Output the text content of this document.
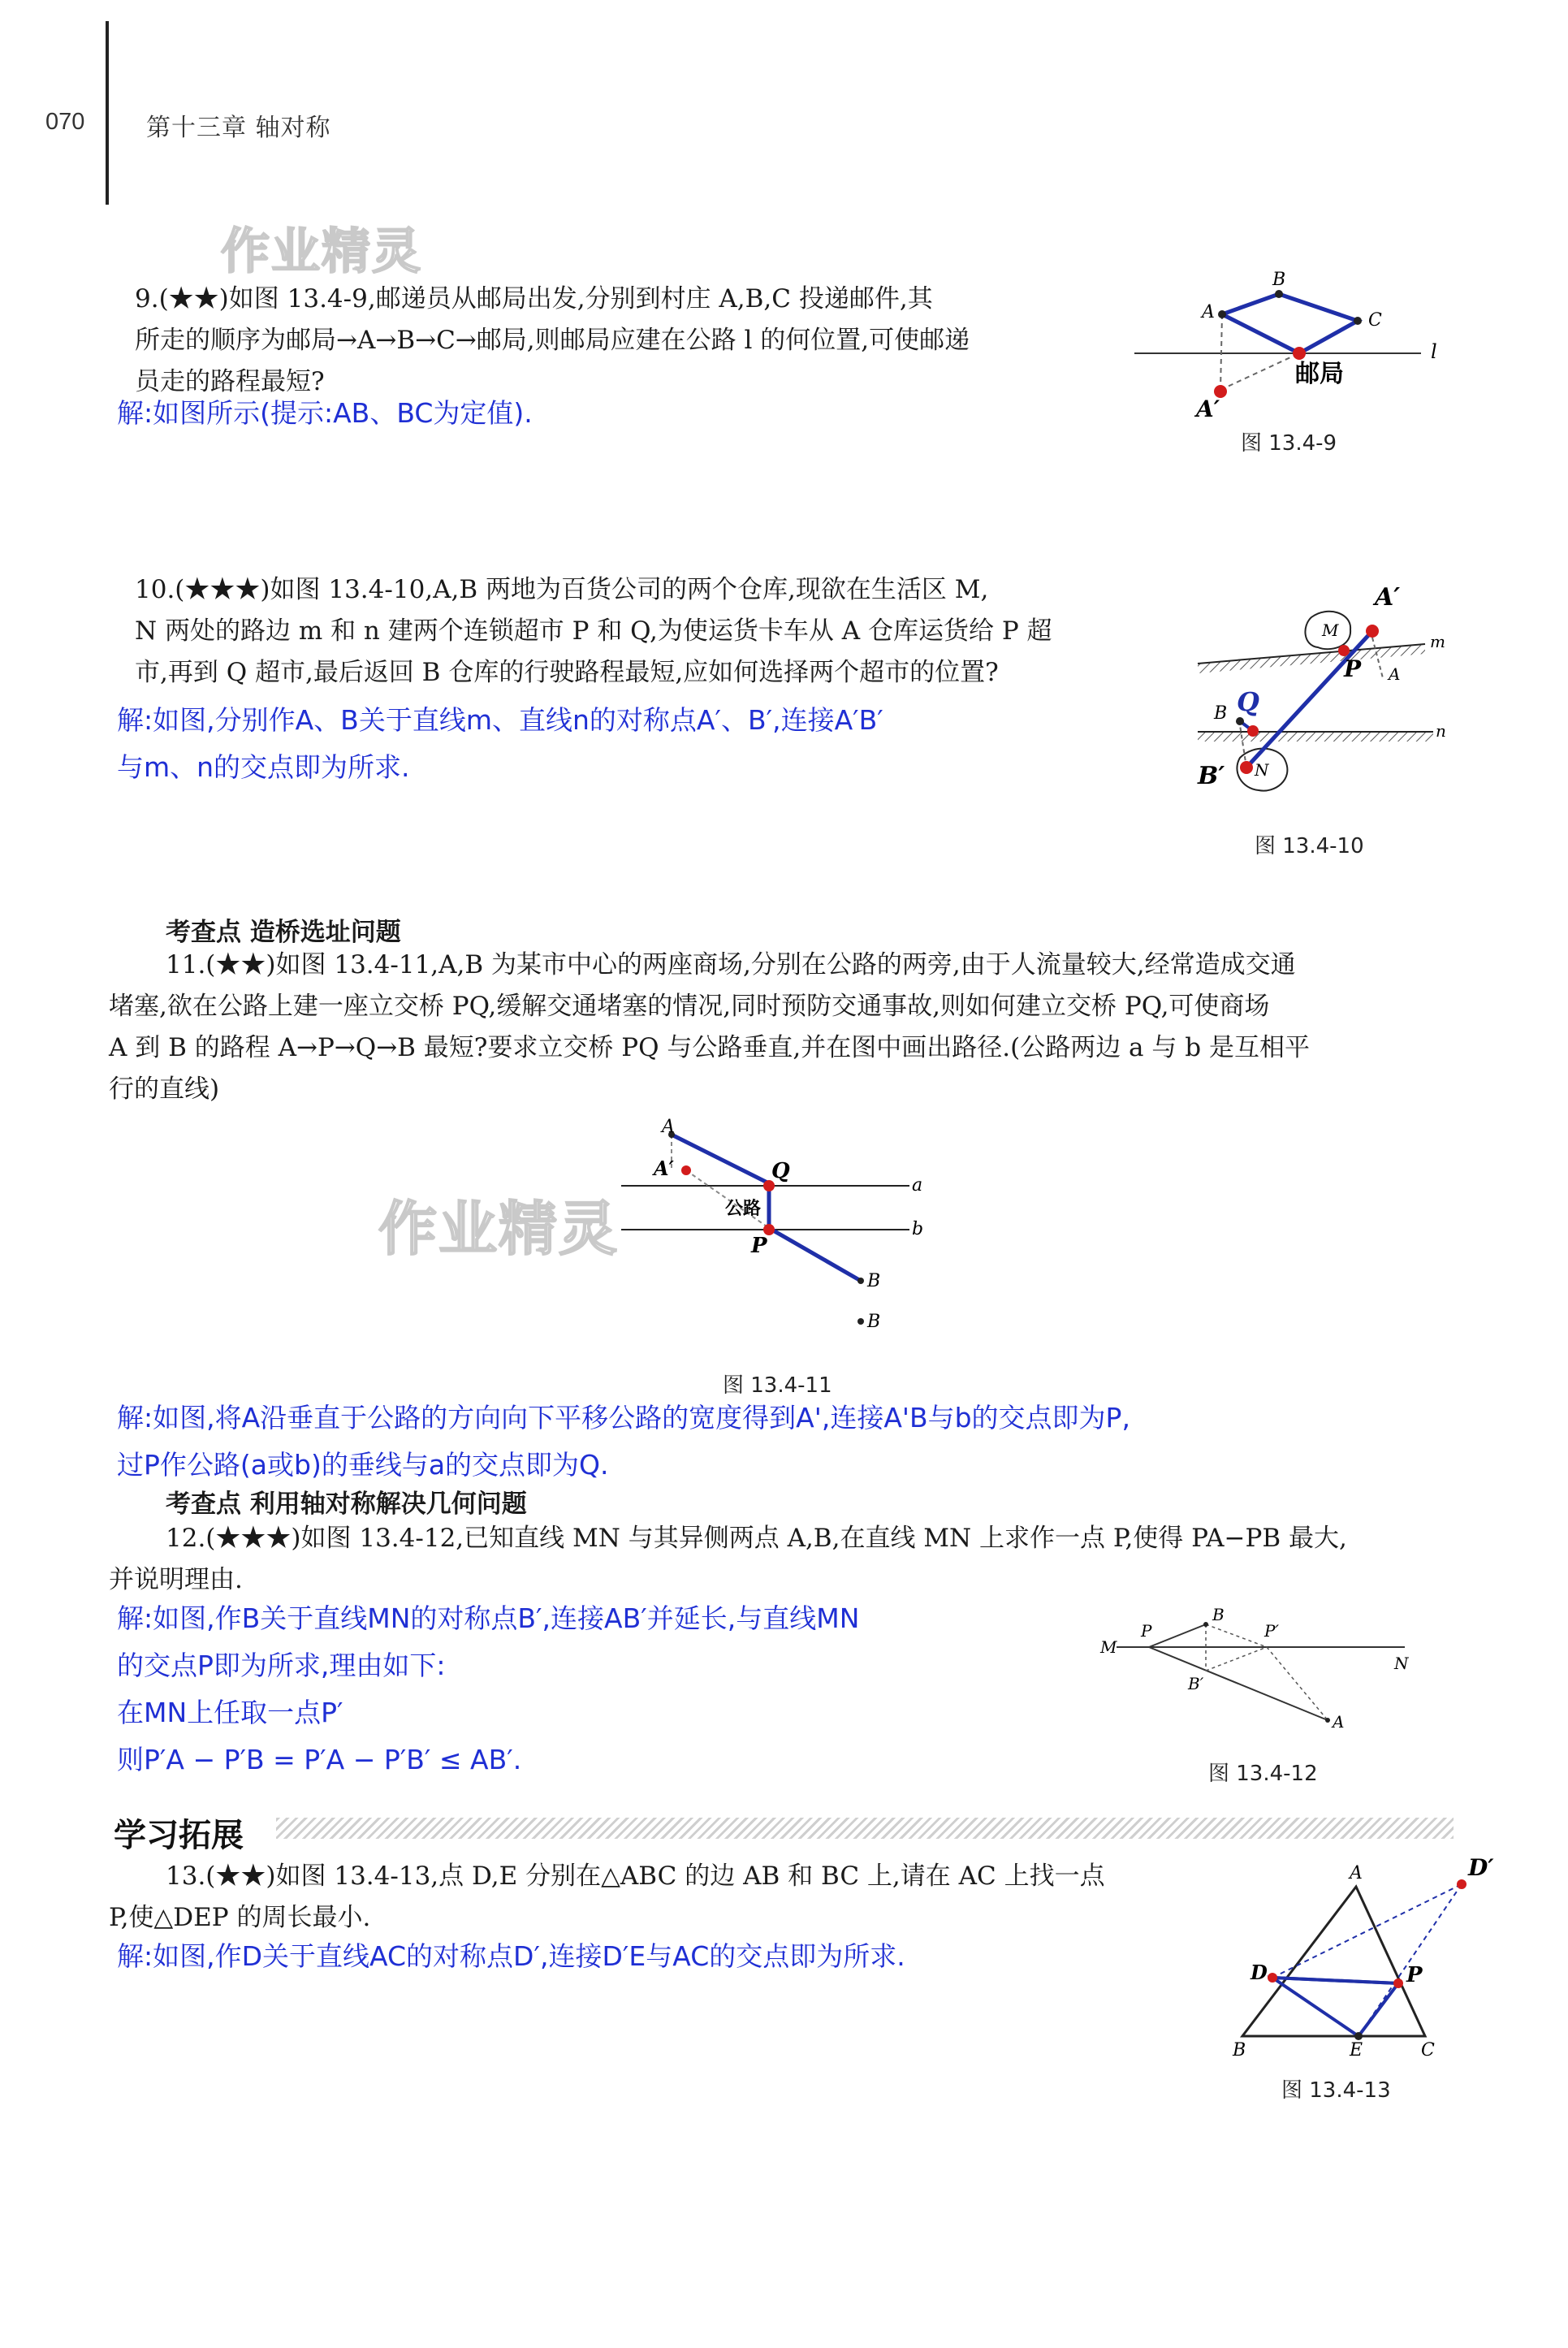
070	第十三章 轴对称
作业精灵
9.(★★)如图 13.4-9,邮递员从邮局出发,分别到村庄 A,B,C 投递邮件,其
所走的顺序为邮局→A→B→C→邮局,则邮局应建在公路 l 的何位置,可使邮递
员走的路程最短?
解:如图所示(提示:AB、BC为定值).
A
B
C
l
邮局
A′
图 13.4-9
10.(★★★)如图 13.4-10,A,B 两地为百货公司的两个仓库,现欲在生活区 M,
N 两处的路边 m 和 n 建两个连锁超市 P 和 Q,为使运货卡车从 A 仓库运货给 P 超
市,再到 Q 超市,最后返回 B 仓库的行驶路程最短,应如何选择两个超市的位置?
解:如图,分别作A、B关于直线m、直线n的对称点A′、B′,连接A′B′
与m、n的交点即为所求.
A′
M
m
P A
B Q
n
B′ N
图 13.4-10
考查点 造桥选址问题
11.(★★)如图 13.4-11,A,B 为某市中心的两座商场,分别在公路的两旁,由于人流量较大,经常造成交通
堵塞,欲在公路上建一座立交桥 PQ,缓解交通堵塞的情况,同时预防交通事故,则如何建立交桥 PQ,可使商场
A 到 B 的路程 A→P→Q→B 最短?要求立交桥 PQ 与公路垂直,并在图中画出路径.(公路两边 a 与 b 是互相平
行的直线)
作业精灵
A
A′	Q
公路
P
a
b
B
B
图 13.4-11
解:如图,将A沿垂直于公路的方向向下平移公路的宽度得到A',连接A'B与b的交点即为P,
过P作公路(a或b)的垂线与a的交点即为Q.
考查点 利用轴对称解决几何问题
12.(★★★)如图 13.4-12,已知直线 MN 与其异侧两点 A,B,在直线 MN 上求作一点 P,使得 PA−PB 最大,
并说明理由.
解:如图,作B关于直线MN的对称点B′,连接AB′并延长,与直线MN
的交点P即为所求,理由如下:
在MN上任取一点P′
则P′A − P′B = P′A − P′B′ ≤ AB′.
P
B
P′
M
N
B′
A
图 13.4-12
学习拓展
13.(★★)如图 13.4-13,点 D,E 分别在△ABC 的边 AB 和 BC 上,请在 AC 上找一点
P,使△DEP 的周长最小.
解:如图,作D关于直线AC的对称点D′,连接D′E与AC的交点即为所求.
A	D′
D	P
B	E	C
图 13.4-13
